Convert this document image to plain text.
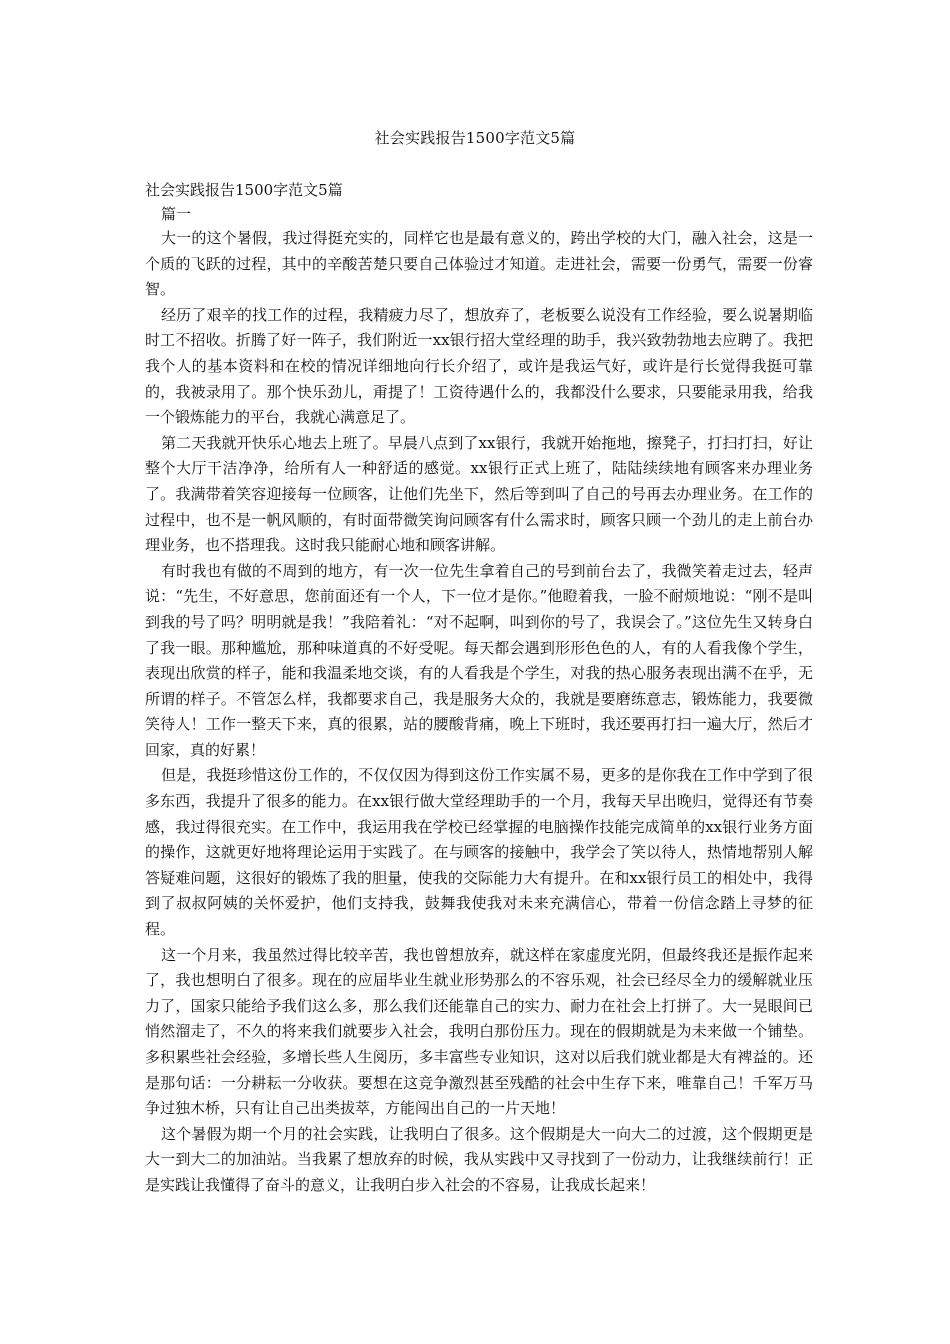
社会实践报告1500字范文5篇

社会实践报告1500字范文5篇

篇一

大一的这个暑假，我过得挺充实的，同样它也是最有意义的，跨出学校的大门，融入社会，这是一个质的飞跃的过程，其中的辛酸苦楚只要自己体验过才知道。走进社会，需要一份勇气，需要一份睿智。

经历了艰辛的找工作的过程，我精疲力尽了，想放弃了，老板要么说没有工作经验，要么说暑期临时工不招收。折腾了好一阵子，我们附近一xx银行招大堂经理的助手，我兴致勃勃地去应聘了。我把我个人的基本资料和在校的情况详细地向行长介绍了，或许是我运气好，或许是行长觉得我挺可靠的，我被录用了。那个快乐劲儿，甭提了！工资待遇什么的，我都没什么要求，只要能录用我，给我一个锻炼能力的平台，我就心满意足了。

第二天我就开快乐心地去上班了。早晨八点到了xx银行，我就开始拖地，擦凳子，打扫打扫，好让整个大厅干洁净净，给所有人一种舒适的感觉。xx银行正式上班了，陆陆续续地有顾客来办理业务了。我满带着笑容迎接每一位顾客，让他们先坐下，然后等到叫了自己的号再去办理业务。在工作的过程中，也不是一帆风顺的，有时面带微笑询问顾客有什么需求时，顾客只顾一个劲儿的走上前台办理业务，也不搭理我。这时我只能耐心地和顾客讲解。

有时我也有做的不周到的地方，有一次一位先生拿着自己的号到前台去了，我微笑着走过去，轻声说：“先生，不好意思，您前面还有一个人，下一位才是你。”他瞪着我，一脸不耐烦地说：“刚不是叫到我的号了吗？明明就是我！”我陪着礼：“对不起啊，叫到你的号了，我误会了。”这位先生又转身白了我一眼。那种尴尬，那种味道真的不好受呢。每天都会遇到形形色色的人，有的人看我像个学生，表现出欣赏的样子，能和我温柔地交谈，有的人看我是个学生，对我的热心服务表现出满不在乎，无所谓的样子。不管怎么样，我都要求自己，我是服务大众的，我就是要磨练意志，锻炼能力，我要微笑待人！工作一整天下来，真的很累，站的腰酸背痛，晚上下班时，我还要再打扫一遍大厅，然后才回家，真的好累！

但是，我挺珍惜这份工作的，不仅仅因为得到这份工作实属不易，更多的是你我在工作中学到了很多东西，我提升了很多的能力。在xx银行做大堂经理助手的一个月，我每天早出晚归，觉得还有节奏感，我过得很充实。在工作中，我运用我在学校已经掌握的电脑操作技能完成简单的xx银行业务方面的操作，这就更好地将理论运用于实践了。在与顾客的接触中，我学会了笑以待人，热情地帮别人解答疑难问题，这很好的锻炼了我的胆量，使我的交际能力大有提升。在和xx银行员工的相处中，我得到了叔叔阿姨的关怀爱护，他们支持我，鼓舞我使我对未来充满信心，带着一份信念踏上寻梦的征程。

这一个月来，我虽然过得比较辛苦，我也曾想放弃，就这样在家虚度光阴，但最终我还是振作起来了，我也想明白了很多。现在的应届毕业生就业形势那么的不容乐观，社会已经尽全力的缓解就业压力了，国家只能给予我们这么多，那么我们还能靠自己的实力、耐力在社会上打拼了。大一晃眼间已悄然溜走了，不久的将来我们就要步入社会，我明白那份压力。现在的假期就是为未来做一个铺垫。多积累些社会经验，多增长些人生阅历，多丰富些专业知识，这对以后我们就业都是大有裨益的。还是那句话：一分耕耘一分收获。要想在这竞争激烈甚至残酷的社会中生存下来，唯靠自己！千军万马争过独木桥，只有让自己出类拔萃，方能闯出自己的一片天地！

这个暑假为期一个月的社会实践，让我明白了很多。这个假期是大一向大二的过渡，这个假期更是大一到大二的加油站。当我累了想放弃的时候，我从实践中又寻找到了一份动力，让我继续前行！正是实践让我懂得了奋斗的意义，让我明白步入社会的不容易，让我成长起来！
